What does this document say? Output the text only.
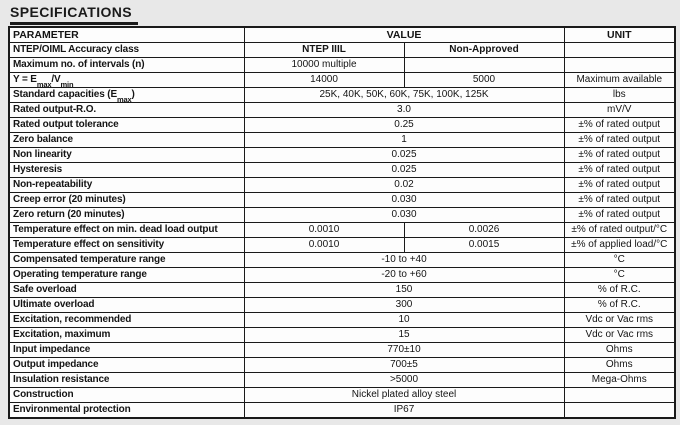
SPECIFICATIONS
PARAMETER	VALUE		UNIT
NTEP/OIML Accuracy class	NTEP IIIL	Non-Approved	
Maximum no. of intervals (n)	10000 multiple		
$Y = E_{max}/V_{min}$	14000	5000	Maximum available
Standard capacities $(E_{max})$	25K, 40K, 50K, 60K, 75K, 100K, 125K		lbs
Rated output-R.O.	3.0		mV/V
Rated output tolerance	0.25		±% of rated output
Zero balance	1		±% of rated output
Non linearity	0.025		±% of rated output
Hysteresis	0.025		±% of rated output
Non-repeatability	0.02		±% of rated output
Creep error (20 minutes)	0.030		±% of rated output
Zero return (20 minutes)	0.030		±% of rated output
Temperature effect on min. dead load output	0.0010	0.0026	±% of rated output/°C
Temperature effect on sensitivity	0.0010	0.0015	±% of applied load/°C
Compensated temperature range	-10 to +40		°C
Operating temperature range	-20 to +60		°C
Safe overload	150		% of R.C.
Ultimate overload	300		% of R.C.
Excitation, recommended	10		Vdc or Vac rms
Excitation, maximum	15		Vdc or Vac rms
Input impedance	770±10		Ohms
Output impedance	700±5		Ohms
Insulation resistance	>5000		Mega-Ohms
Construction	Nickel plated alloy steel		
Environmental protection	IP67		
